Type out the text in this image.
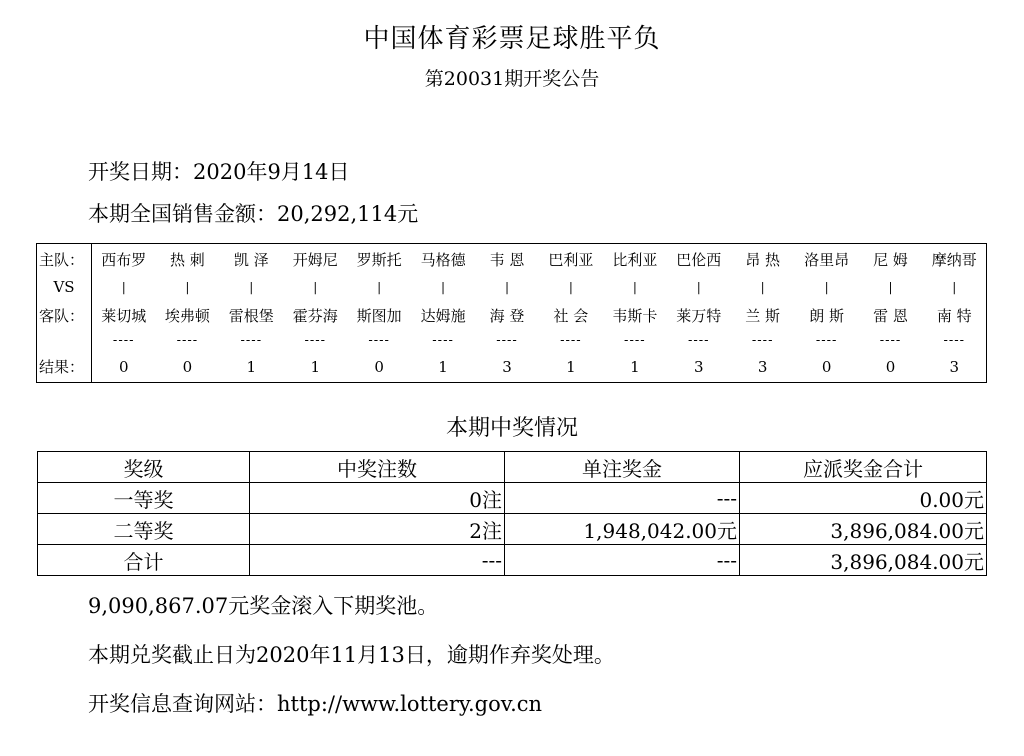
中国体育彩票足球胜平负
第20031期开奖公告
开奖日期：2020年9月14日
本期全国销售金额：20,292,114元
主队：	西布罗	热 刺	凯 泽	开姆尼	罗斯托	马格德	韦 恩	巴利亚	比利亚	巴伦西	昂 热	洛里昂	尼 姆	摩纳哥
VS	|	|	|	|	|	|	|	|	|	|	|	|	|	|
客队：	莱切城	埃弗顿	雷根堡	霍芬海	斯图加	达姆施	海 登	社 会	韦斯卡	莱万特	兰 斯	朗 斯	雷 恩	南 特
	----	----	----	----	----	----	----	----	----	----	----	----	----	----
结果：	0	0	1	1	0	1	3	1	1	3	3	0	0	3
本期中奖情况
奖级	中奖注数	单注奖金	应派奖金合计
一等奖	0注	---	0.00元
二等奖	2注	1,948,042.00元	3,896,084.00元
合计	---	---	3,896,084.00元
9,090,867.07元奖金滚入下期奖池。
本期兑奖截止日为2020年11月13日，逾期作弃奖处理。
开奖信息查询网站：http://www.lottery.gov.cn
